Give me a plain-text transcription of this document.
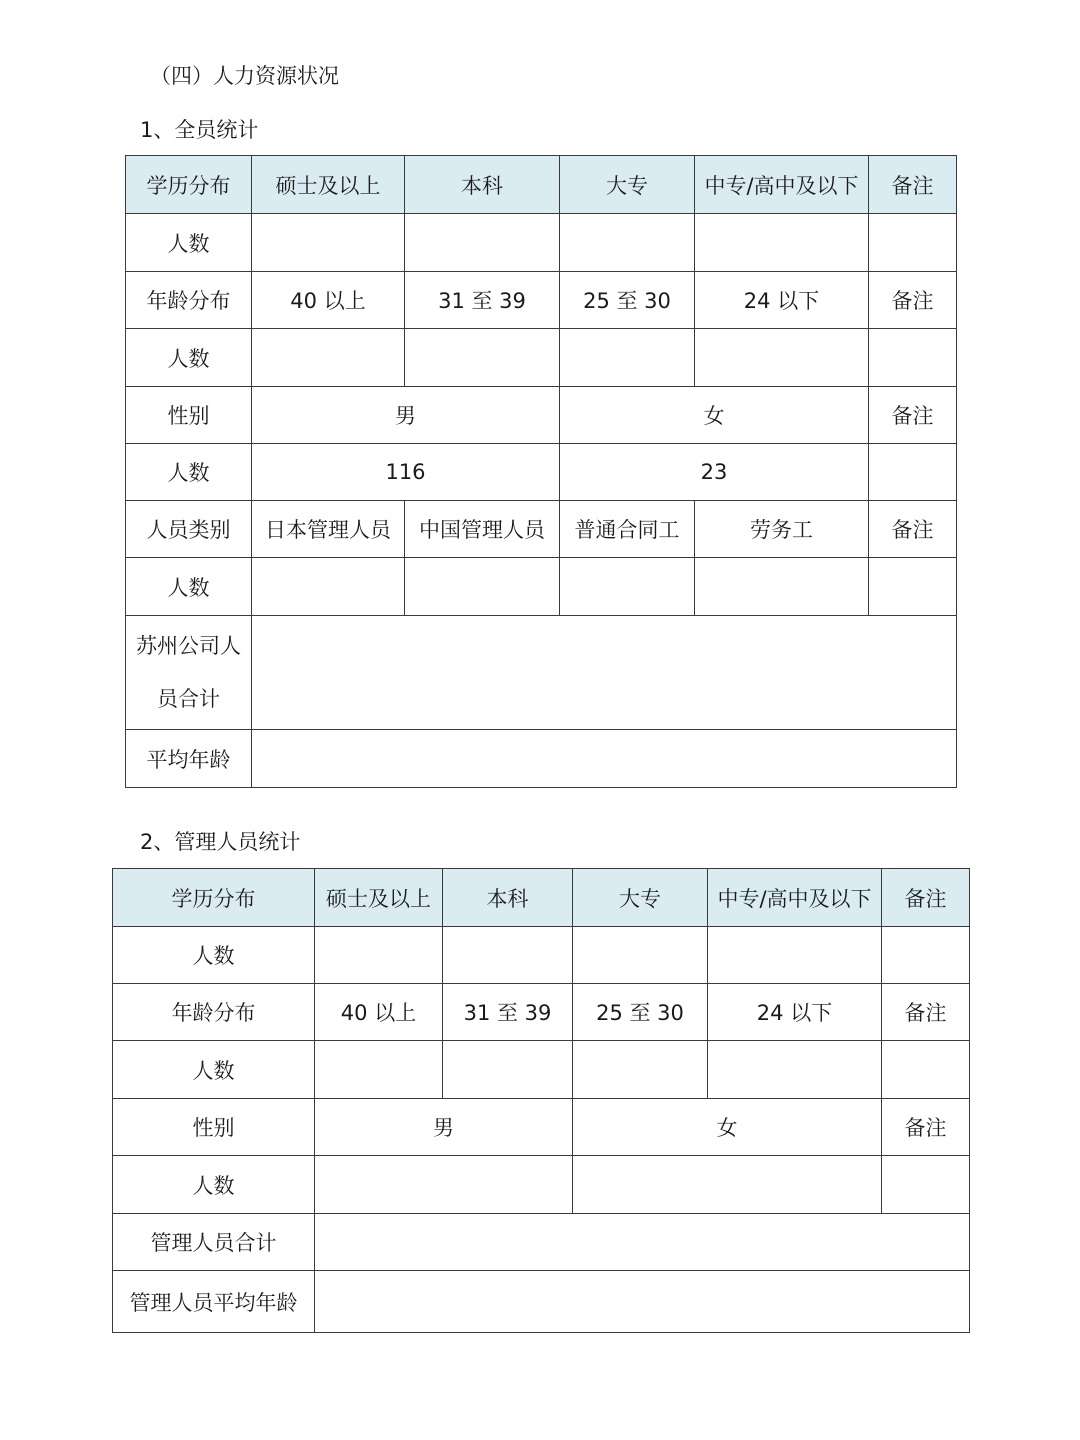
（四）人力资源状况
1、全员统计
学历分布	硕士及以上	本科	大专	中专/高中及以下	备注
人数					
年龄分布	40 以上	31 至 39	25 至 30	24 以下	备注
人数					
性别	男		女		备注
人数	116		23		
人员类别	日本管理人员	中国管理人员	普通合同工	劳务工	备注
人数					
苏州公司人员合计					
平均年龄					
2、管理人员统计
学历分布	硕士及以上	本科	大专	中专/高中及以下	备注
人数					
年龄分布	40 以上	31 至 39	25 至 30	24 以下	备注
人数					
性别	男		女		备注
人数					
管理人员合计					
管理人员平均年龄					
